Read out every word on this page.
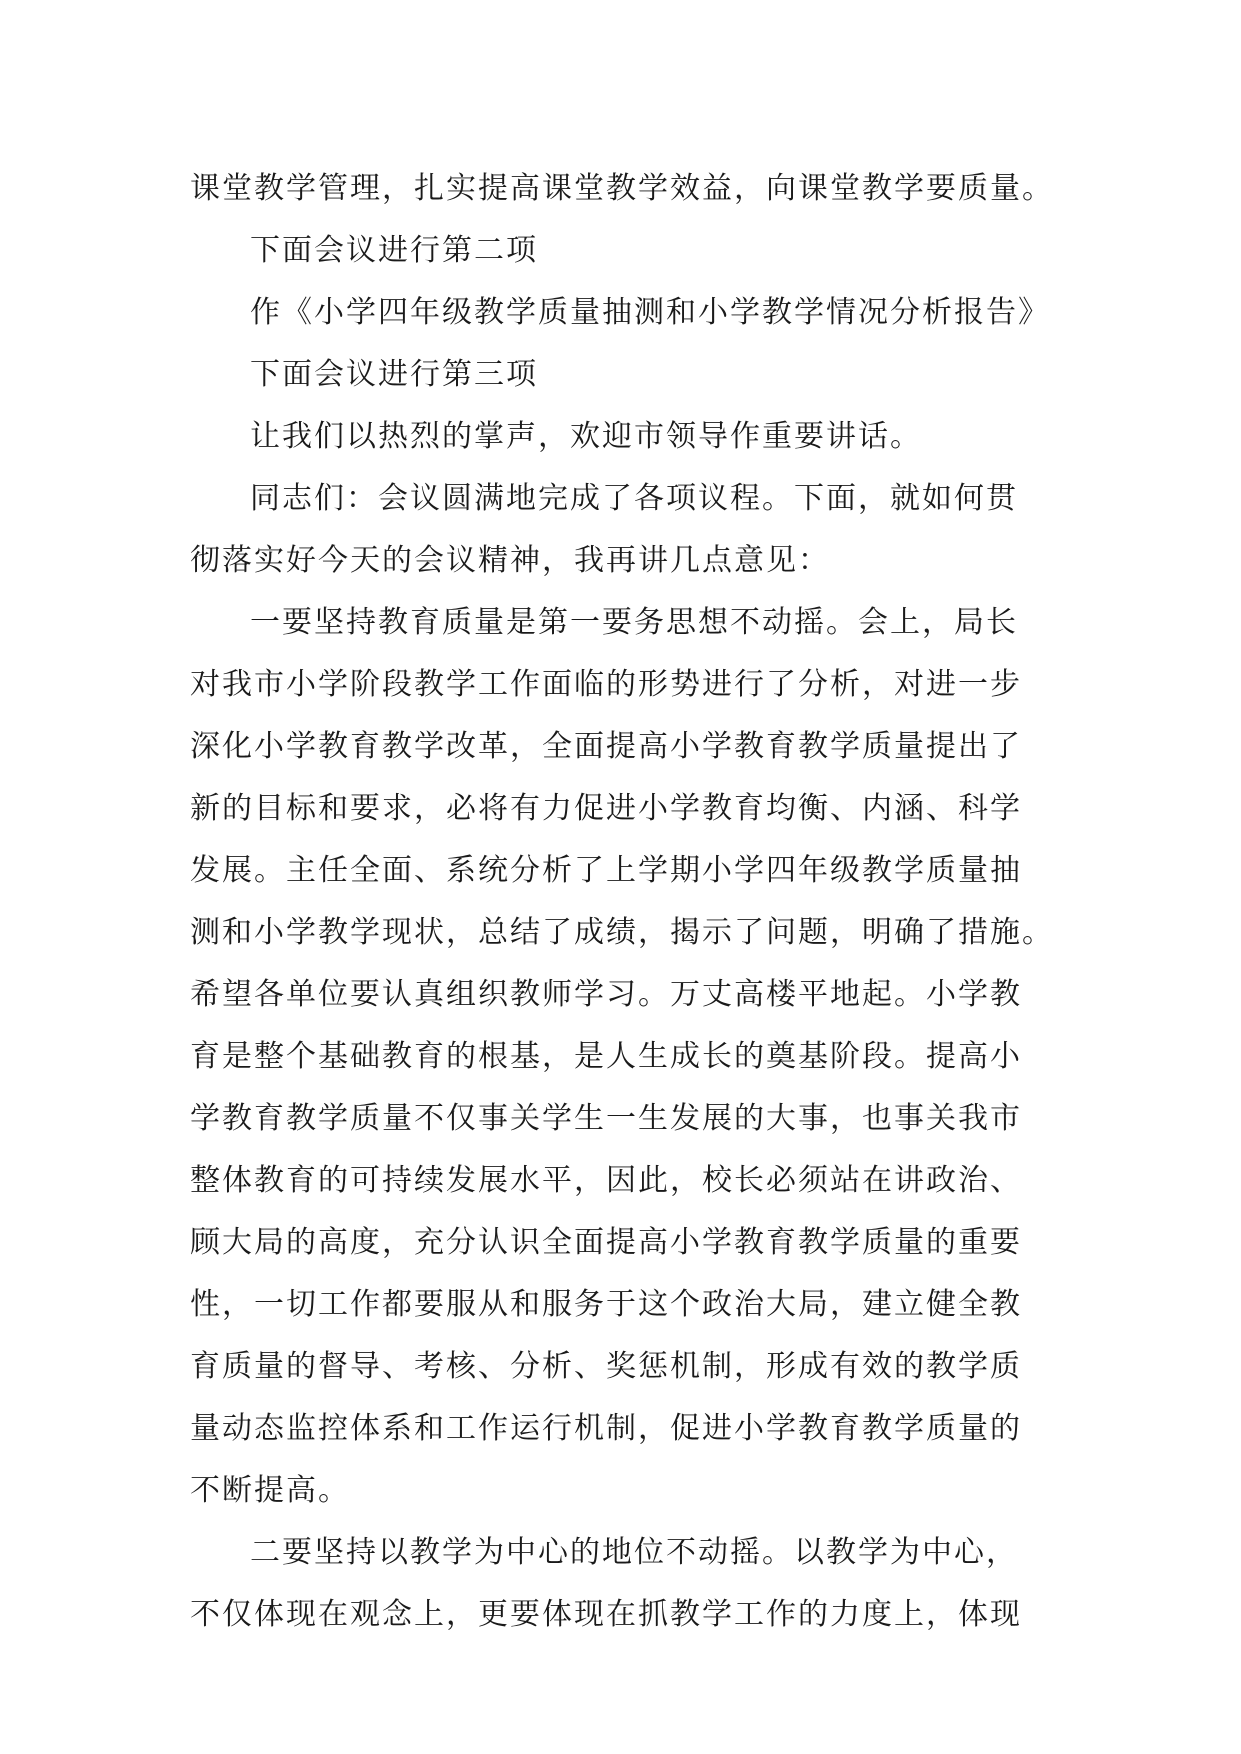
课堂教学管理，扎实提高课堂教学效益，向课堂教学要质量。
下面会议进行第二项
作《小学四年级教学质量抽测和小学教学情况分析报告》
下面会议进行第三项
让我们以热烈的掌声，欢迎市领导作重要讲话。
同志们：会议圆满地完成了各项议程。下面，就如何贯
彻落实好今天的会议精神，我再讲几点意见：
一要坚持教育质量是第一要务思想不动摇。会上，局长
对我市小学阶段教学工作面临的形势进行了分析，对进一步
深化小学教育教学改革，全面提高小学教育教学质量提出了
新的目标和要求，必将有力促进小学教育均衡、内涵、科学
发展。主任全面、系统分析了上学期小学四年级教学质量抽
测和小学教学现状，总结了成绩，揭示了问题，明确了措施。
希望各单位要认真组织教师学习。万丈高楼平地起。小学教
育是整个基础教育的根基，是人生成长的奠基阶段。提高小
学教育教学质量不仅事关学生一生发展的大事，也事关我市
整体教育的可持续发展水平，因此，校长必须站在讲政治、
顾大局的高度，充分认识全面提高小学教育教学质量的重要
性，一切工作都要服从和服务于这个政治大局，建立健全教
育质量的督导、考核、分析、奖惩机制，形成有效的教学质
量动态监控体系和工作运行机制，促进小学教育教学质量的
不断提高。
二要坚持以教学为中心的地位不动摇。以教学为中心，
不仅体现在观念上，更要体现在抓教学工作的力度上，体现
